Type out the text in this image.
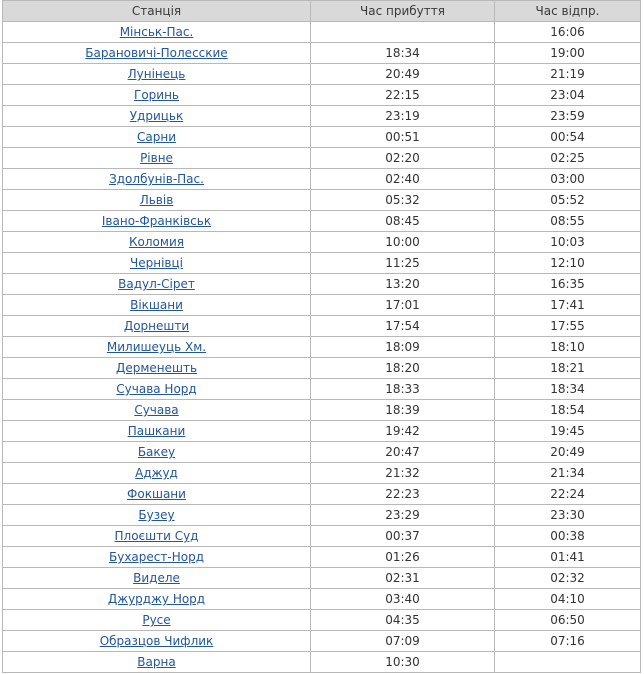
Станція	Час прибуття	Час відпр.
Мінськ-Пас.		16:06
Барановичі-Полесские	18:34	19:00
Лунінець	20:49	21:19
Горинь	22:15	23:04
Удрицьк	23:19	23:59
Сарни	00:51	00:54
Рівне	02:20	02:25
Здолбунів-Пас.	02:40	03:00
Львів	05:32	05:52
Івано-Франківськ	08:45	08:55
Коломия	10:00	10:03
Чернівці	11:25	12:10
Вадул-Сірет	13:20	16:35
Вікшани	17:01	17:41
Дорнешти	17:54	17:55
Милишеуць Хм.	18:09	18:10
Дерменешть	18:20	18:21
Сучава Норд	18:33	18:34
Сучава	18:39	18:54
Пашкани	19:42	19:45
Бакеу	20:47	20:49
Аджуд	21:32	21:34
Фокшани	22:23	22:24
Бузеу	23:29	23:30
Плоєшти Суд	00:37	00:38
Бухарест-Норд	01:26	01:41
Виделе	02:31	02:32
Джурджу Норд	03:40	04:10
Русе	04:35	06:50
Образцов Чифлик	07:09	07:16
Варна	10:30	
